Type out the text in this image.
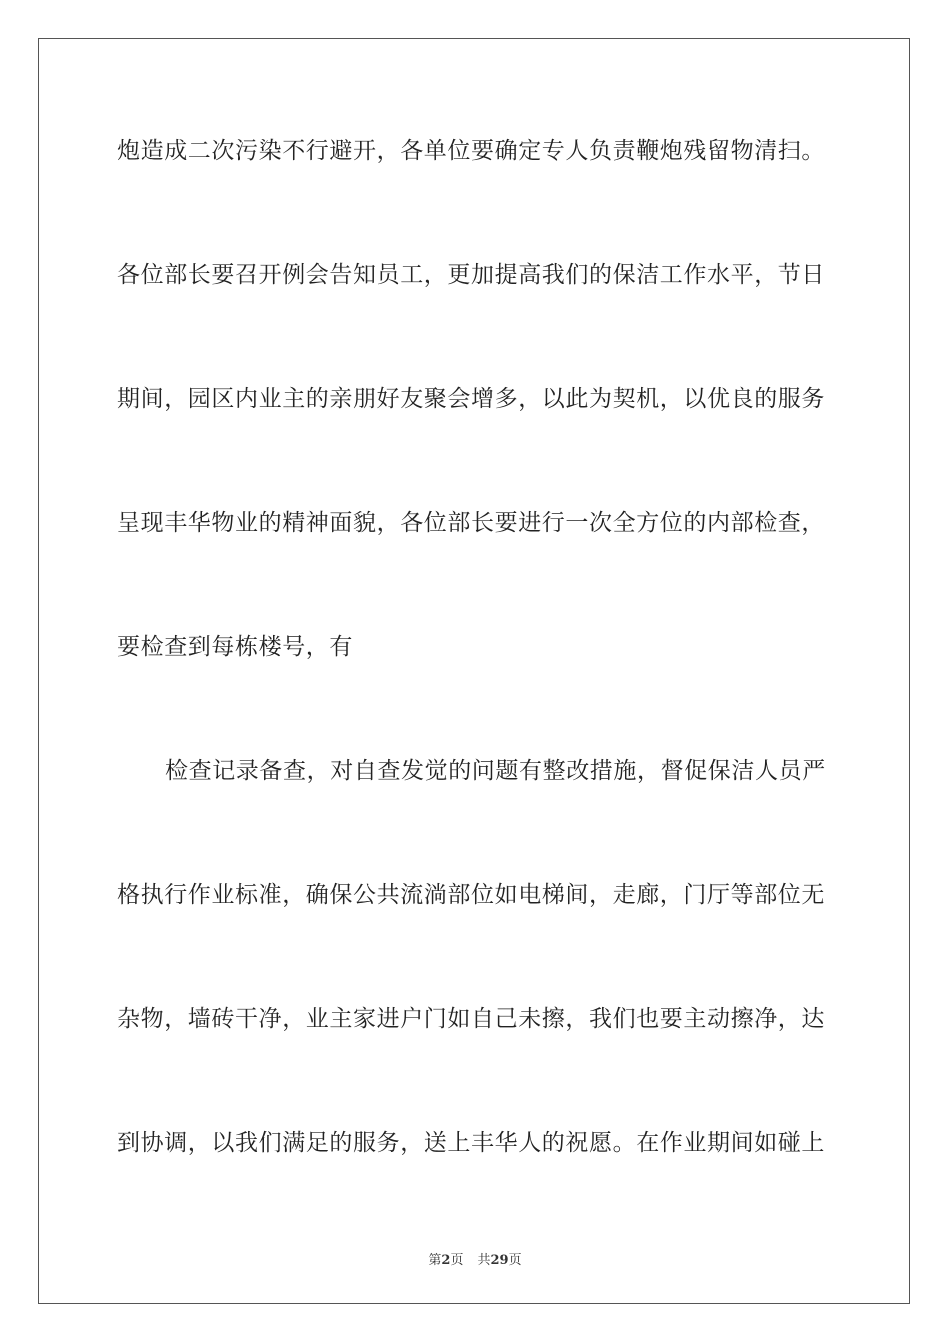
炮造成二次污染不行避开，各单位要确定专人负责鞭炮残留物清扫。
各位部长要召开例会告知员工，更加提高我们的保洁工作水平，节日
期间，园区内业主的亲朋好友聚会增多，以此为契机，以优良的服务
呈现丰华物业的精神面貌，各位部长要进行一次全方位的内部检查，
要检查到每栋楼号，有
检查记录备查，对自查发觉的问题有整改措施，督促保洁人员严
格执行作业标准，确保公共流淌部位如电梯间，走廊，门厅等部位无
杂物，墙砖干净，业主家进户门如自己未擦，我们也要主动擦净，达
到协调，以我们满足的服务，送上丰华人的祝愿。在作业期间如碰上
第2页 共29页
